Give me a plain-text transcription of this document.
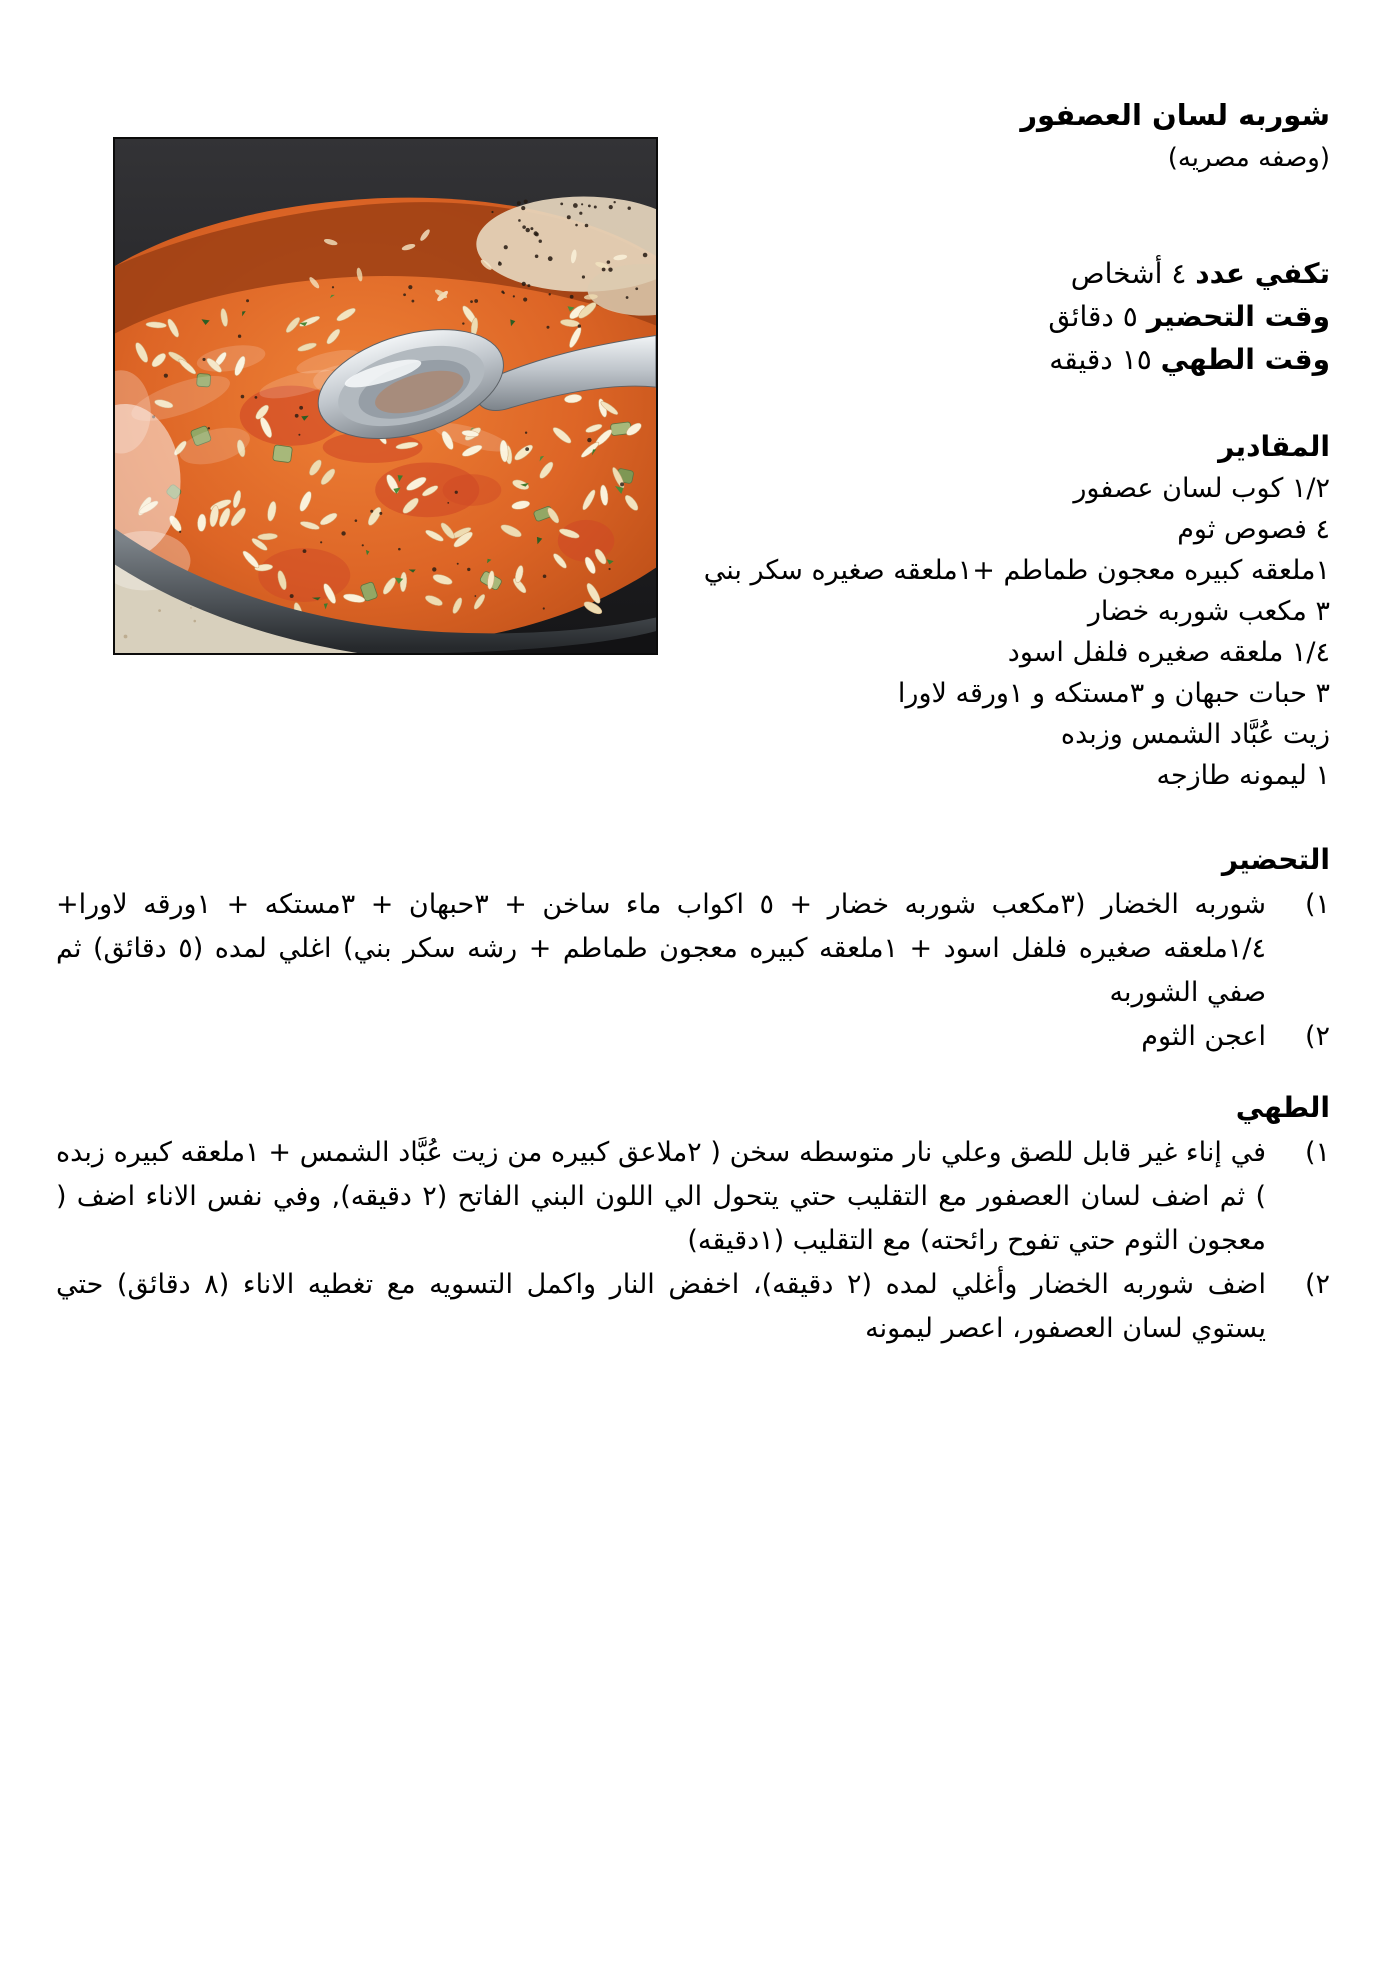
شوربه لسان العصفور
(وصفه مصريه)
تكفي عدد ٤ أشخاص
وقت التحضير ٥ دقائق
وقت الطهي ١٥ دقيقه
المقادير
١/٢ كوب لسان عصفور
٤ فصوص ثوم
١ملعقه كبيره معجون طماطم +١ملعقه صغيره سكر بني
٣ مكعب شوربه خضار
١/٤ ملعقه صغيره فلفل اسود
٣ حبات حبهان و ٣مستكه و ١ورقه لاورا
زيت عُبَّاد الشمس وزبده
١ ليمونه طازجه
التحضير
١)
شوربه الخضار (٣مكعب شوربه خضار + ٥ اكواب ماء ساخن + ٣حبهان + ٣مستكه + ١ورقه لاورا+ ١/٤ملعقه صغيره فلفل اسود + ١ملعقه كبيره معجون طماطم + رشه سكر بني) اغلي لمده (٥ دقائق) ثم صفي الشوربه
٢)
اعجن الثوم
الطهي
١)
في إناء غير قابل للصق وعلي نار متوسطه سخن ( ٢ملاعق كبيره من زيت عُبَّاد الشمس + ١ملعقه كبيره زبده ) ثم اضف لسان العصفور مع التقليب حتي يتحول الي اللون البني الفاتح (٢ دقيقه), وفي نفس الاناء اضف ( معجون الثوم حتي تفوح رائحته) مع التقليب (١دقيقه)
٢)
اضف شوربه الخضار وأغلي لمده (٢ دقيقه)، اخفض النار واكمل التسويه مع تغطيه الاناء (٨ دقائق) حتي يستوي لسان العصفور، اعصر ليمونه
